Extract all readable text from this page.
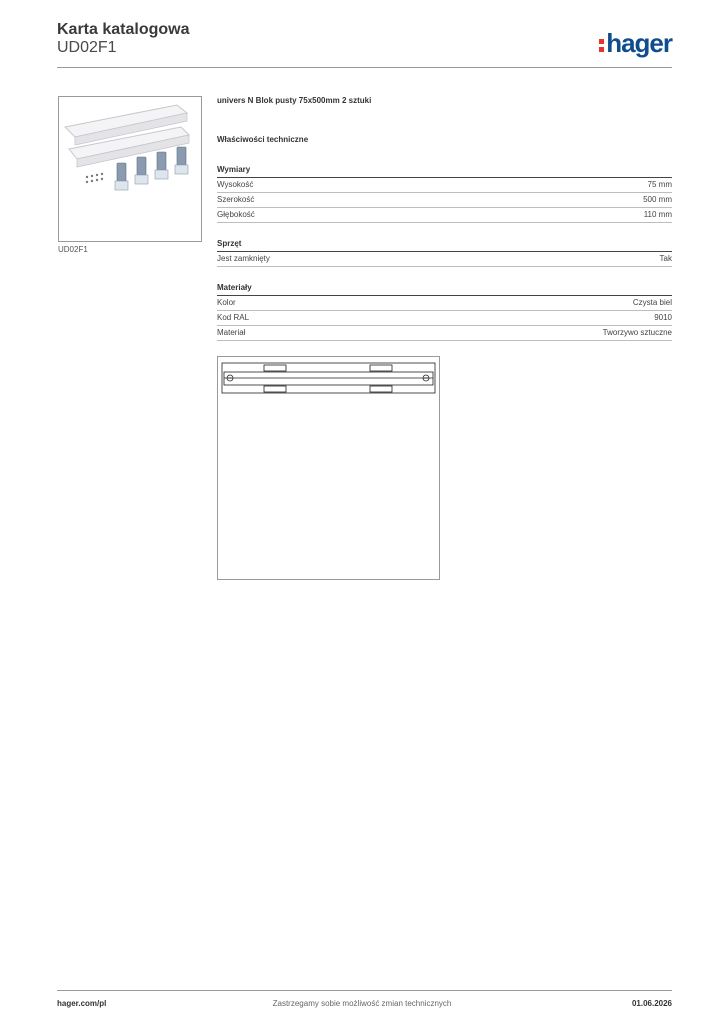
Karta katalogowa
UD02F1	hager
UD02F1
univers N Blok pusty 75x500mm 2 sztuki
Właściwości techniczne
Wymiary
Wysokość	75 mm
Szerokość	500 mm
Głębokość	110 mm
Sprzęt
Jest zamknięty	Tak
Materiały
Kolor	Czysta biel
Kod RAL	9010
Materiał	Tworzywo sztuczne
Zastrzegamy sobie możliwość zmian technicznych
hager.com/pl	01.06.2026
